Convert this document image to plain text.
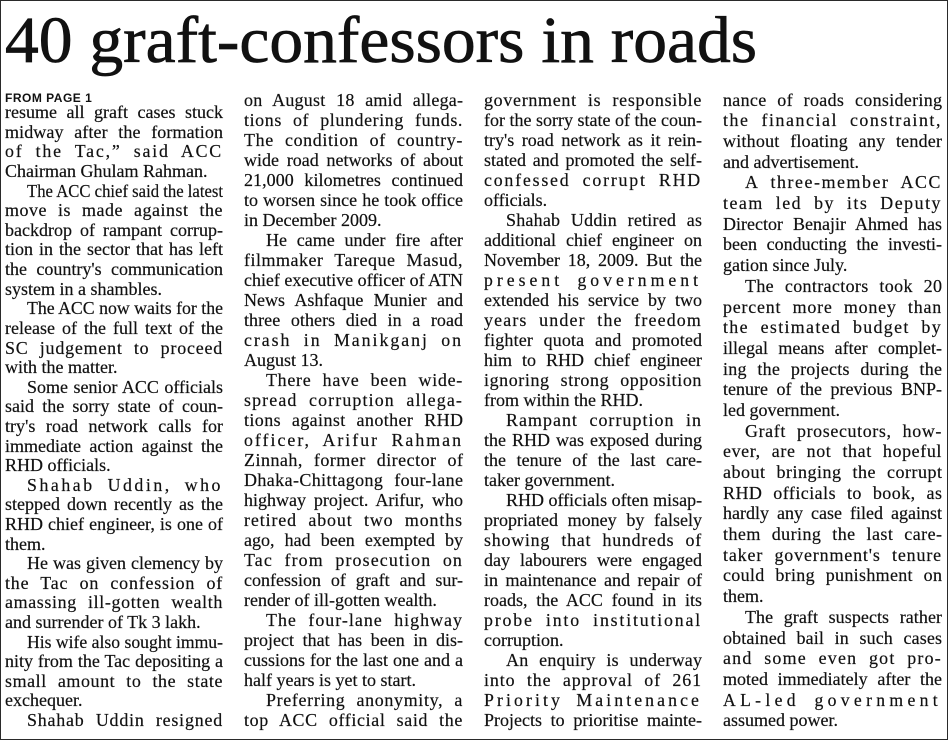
40 graft-confessors in roads
FROM PAGE 1
resume all graft cases stuck
midway after the formation
of the Tac,” said ACC
Chairman Ghulam Rahman.
The ACC chief said the latest
move is made against the
backdrop of rampant corrup-
tion in the sector that has left
the country's communication
system in a shambles.
The ACC now waits for the
release of the full text of the
SC judgement to proceed
with the matter.
Some senior ACC officials
said the sorry state of coun-
try's road network calls for
immediate action against the
RHD officials.
Shahab Uddin, who
stepped down recently as the
RHD chief engineer, is one of
them.
He was given clemency by
the Tac on confession of
amassing ill-gotten wealth
and surrender of Tk 3 lakh.
His wife also sought immu-
nity from the Tac depositing a
small amount to the state
exchequer.
Shahab Uddin resigned
on August 18 amid allega-
tions of plundering funds.
The condition of country-
wide road networks of about
21,000 kilometres continued
to worsen since he took office
in December 2009.
He came under fire after
filmmaker Tareque Masud,
chief executive officer of ATN
News Ashfaque Munier and
three others died in a road
crash in Manikganj on
August 13.
There have been wide-
spread corruption allega-
tions against another RHD
officer, Arifur Rahman
Zinnah, former director of
Dhaka-Chittagong four-lane
highway project. Arifur, who
retired about two months
ago, had been exempted by
Tac from prosecution on
confession of graft and sur-
render of ill-gotten wealth.
The four-lane highway
project that has been in dis-
cussions for the last one and a
half years is yet to start.
Preferring anonymity, a
top ACC official said the
government is responsible
for the sorry state of the coun-
try's road network as it rein-
stated and promoted the self-
confessed corrupt RHD
officials.
Shahab Uddin retired as
additional chief engineer on
November 18, 2009. But the
present government
extended his service by two
years under the freedom
fighter quota and promoted
him to RHD chief engineer
ignoring strong opposition
from within the RHD.
Rampant corruption in
the RHD was exposed during
the tenure of the last care-
taker government.
RHD officials often misap-
propriated money by falsely
showing that hundreds of
day labourers were engaged
in maintenance and repair of
roads, the ACC found in its
probe into institutional
corruption.
An enquiry is underway
into the approval of 261
Priority Maintenance
Projects to prioritise mainte-
nance of roads considering
the financial constraint,
without floating any tender
and advertisement.
A three-member ACC
team led by its Deputy
Director Benajir Ahmed has
been conducting the investi-
gation since July.
The contractors took 20
percent more money than
the estimated budget by
illegal means after complet-
ing the projects during the
tenure of the previous BNP-
led government.
Graft prosecutors, how-
ever, are not that hopeful
about bringing the corrupt
RHD officials to book, as
hardly any case filed against
them during the last care-
taker government's tenure
could bring punishment on
them.
The graft suspects rather
obtained bail in such cases
and some even got pro-
moted immediately after the
AL-led government
assumed power.
